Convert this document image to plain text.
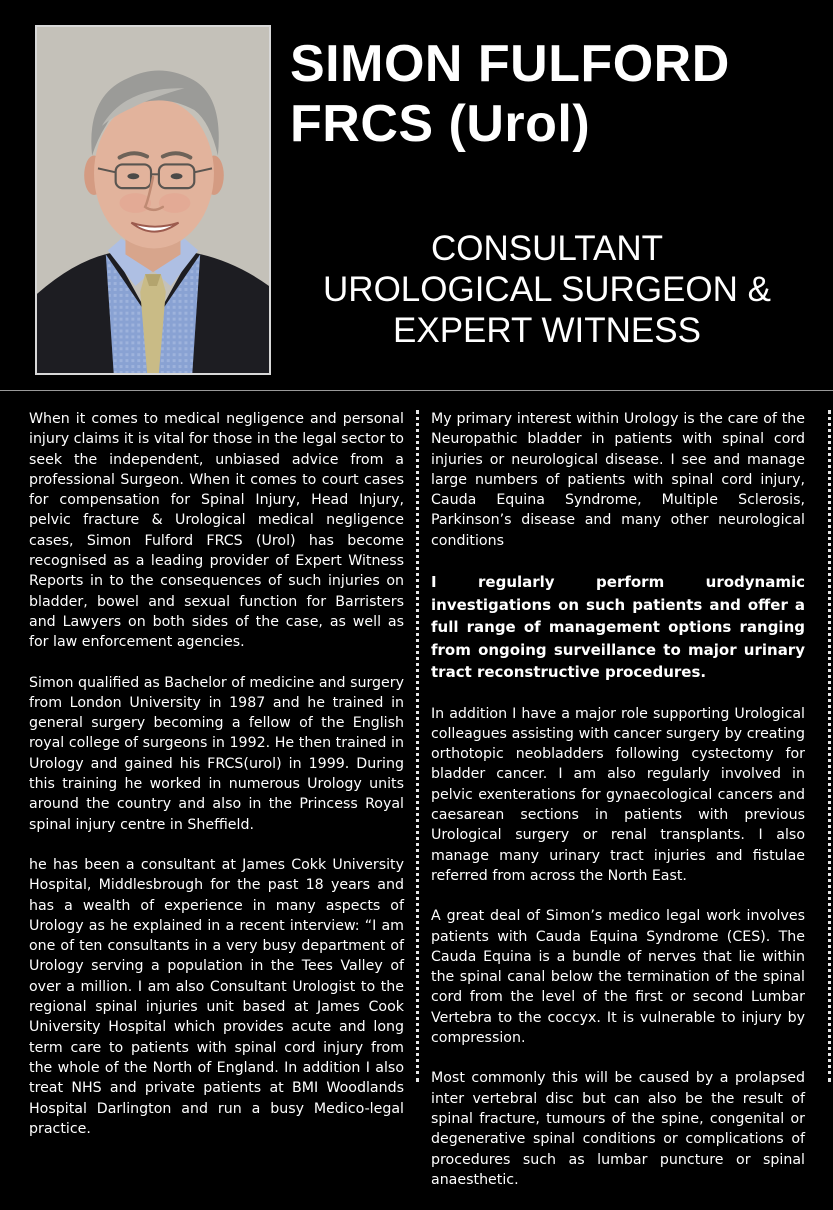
SIMON FULFORD
FRCS (Urol)
CONSULTANT
UROLOGICAL SURGEON &
EXPERT WITNESS

When it comes to medical negligence and personal injury claims it is vital for those in the legal sector to seek the independent, unbiased advice from a professional Surgeon. When it comes to court cases for compensation for Spinal Injury, Head Injury, pelvic fracture & Urological medical negligence cases, Simon Fulford FRCS (Urol) has become recognised as a leading provider of Expert Witness Reports in to the consequences of such injuries on bladder, bowel and sexual function for Barristers and Lawyers on both sides of the case, as well as for law enforcement agencies.

Simon qualified as Bachelor of medicine and surgery from London University in 1987 and he trained in general surgery becoming a fellow of the English royal college of surgeons in 1992. He then trained in Urology and gained his FRCS(urol) in 1999. During this training he worked in numerous Urology units around the country and also in the Princess Royal spinal injury centre in Sheffield.

he has been a consultant at James Cokk University Hospital, Middlesbrough for the past 18 years and has a wealth of experience in many aspects of Urology as he explained in a recent interview: “I am one of ten consultants in a very busy department of Urology serving a population in the Tees Valley of over a million. I am also Consultant Urologist to the regional spinal injuries unit based at James Cook University Hospital which provides acute and long term care to patients with spinal cord injury from the whole of the North of England. In addition I also treat NHS and private patients at BMI Woodlands Hospital Darlington and run a busy Medico-legal practice.

My primary interest within Urology is the care of the Neuropathic bladder in patients with spinal cord injuries or neurological disease. I see and manage large numbers of patients with spinal cord injury, Cauda Equina Syndrome, Multiple Sclerosis, Parkinson’s disease and many other neurological conditions

I regularly perform urodynamic investigations on such patients and offer a full range of management options ranging from ongoing surveillance to major urinary tract reconstructive procedures.

In addition I have a major role supporting Urological colleagues assisting with cancer surgery by creating orthotopic neobladders following cystectomy for bladder cancer. I am also regularly involved in pelvic exenterations for gynaecological cancers and caesarean sections in patients with previous Urological surgery or renal transplants. I also manage many urinary tract injuries and fistulae referred from across the North East.

A great deal of Simon’s medico legal work involves patients with Cauda Equina Syndrome (CES). The Cauda Equina is a bundle of nerves that lie within the spinal canal below the termination of the spinal cord from the level of the first or second Lumbar Vertebra to the coccyx. It is vulnerable to injury by compression.

Most commonly this will be caused by a prolapsed inter vertebral disc but can also be the result of spinal fracture, tumours of the spine, congenital or degenerative spinal conditions or complications of procedures such as lumbar puncture or spinal anaesthetic.
